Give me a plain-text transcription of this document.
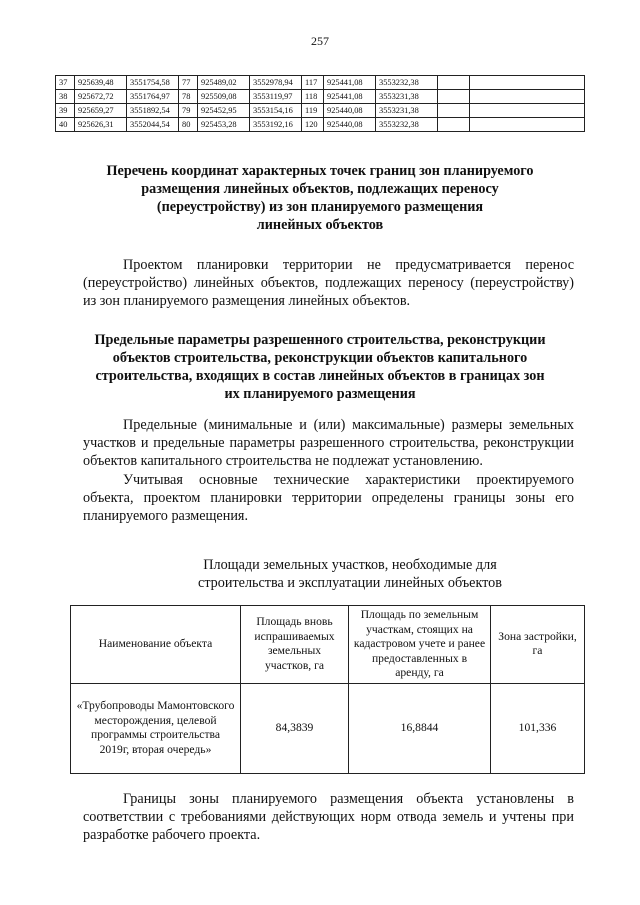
257
37	925639,48	3551754,58	77	925489,02	3552978,94	117	925441,08	3553232,38		
38	925672,72	3551764,97	78	925509,08	3553119,97	118	925441,08	3553231,38		
39	925659,27	3551892,54	79	925452,95	3553154,16	119	925440,08	3553231,38		
40	925626,31	3552044,54	80	925453,28	3553192,16	120	925440,08	3553232,38		
Перечень координат характерных точек границ зон планируемого
размещения линейных объектов, подлежащих переносу
(переустройству) из зон планируемого размещения
линейных объектов

Проектом планировки территории не предусматривается перенос (переустройство) линейных объектов, подлежащих переносу (переустройству) из зон планируемого размещения линейных объектов.

Предельные параметры разрешенного строительства, реконструкции
объектов строительства, реконструкции объектов капитального
строительства, входящих в состав линейных объектов в границах зон
их планируемого размещения

Предельные (минимальные и (или) максимальные) размеры земельных участков и предельные параметры разрешенного строительства, реконструкции объектов капитального строительства не подлежат установлению.

Учитывая основные технические характеристики проектируемого объекта, проектом планировки территории определены границы зоны его планируемого размещения.

Площади земельных участков, необходимые для
строительства и эксплуатации линейных объектов
Наименование объекта	Площадь вновь испрашиваемых земельных участков, га	Площадь по земельным участкам, стоящих на кадастровом учете и ранее предоставленных в аренду, га	Зона застройки, га
«Трубопроводы Мамонтовского месторождения, целевой программы строительства 2019г, вторая очередь»	84,3839	16,8844	101,336

Границы зоны планируемого размещения объекта установлены в соответствии с требованиями действующих норм отвода земель и учтены при разработке рабочего проекта.
